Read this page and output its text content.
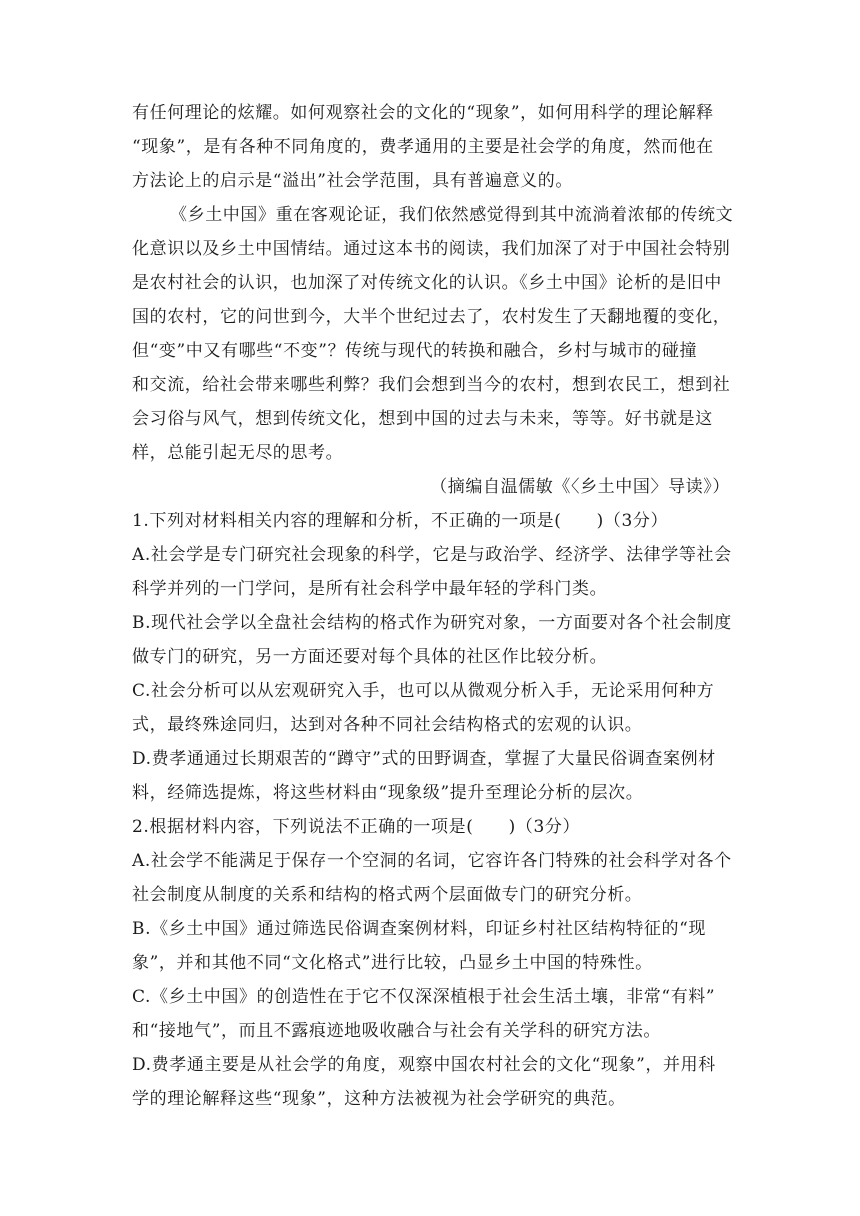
有任何理论的炫耀。如何观察社会的文化的“现象”，如何用科学的理论解释
“现象”，是有各种不同角度的，费孝通用的主要是社会学的角度，然而他在
方法论上的启示是“溢出”社会学范围，具有普遍意义的。
《乡土中国》重在客观论证，我们依然感觉得到其中流淌着浓郁的传统文
化意识以及乡土中国情结。通过这本书的阅读，我们加深了对于中国社会特别
是农村社会的认识，也加深了对传统文化的认识。《乡土中国》论析的是旧中
国的农村，它的问世到今，大半个世纪过去了，农村发生了天翻地覆的变化，
但“变”中又有哪些“不变”？传统与现代的转换和融合，乡村与城市的碰撞
和交流，给社会带来哪些利弊？我们会想到当今的农村，想到农民工，想到社
会习俗与风气，想到传统文化，想到中国的过去与未来，等等。好书就是这
样，总能引起无尽的思考。
（摘编自温儒敏《〈乡土中国〉导读》）
1.下列对材料相关内容的理解和分析，不正确的一项是(　　)（3分）
A.社会学是专门研究社会现象的科学，它是与政治学、经济学、法律学等社会
科学并列的一门学问，是所有社会科学中最年轻的学科门类。
B.现代社会学以全盘社会结构的格式作为研究对象，一方面要对各个社会制度
做专门的研究，另一方面还要对每个具体的社区作比较分析。
C.社会分析可以从宏观研究入手，也可以从微观分析入手，无论采用何种方
式，最终殊途同归，达到对各种不同社会结构格式的宏观的认识。
D.费孝通通过长期艰苦的“蹲守”式的田野调查，掌握了大量民俗调查案例材
料，经筛选提炼，将这些材料由“现象级”提升至理论分析的层次。
2.根据材料内容，下列说法不正确的一项是(　　)（3分）
A.社会学不能满足于保存一个空洞的名词，它容许各门特殊的社会科学对各个
社会制度从制度的关系和结构的格式两个层面做专门的研究分析。
B.《乡土中国》通过筛选民俗调查案例材料，印证乡村社区结构特征的“现
象”，并和其他不同“文化格式”进行比较，凸显乡土中国的特殊性。
C.《乡土中国》的创造性在于它不仅深深植根于社会生活土壤，非常“有料”
和“接地气”，而且不露痕迹地吸收融合与社会有关学科的研究方法。
D.费孝通主要是从社会学的角度，观察中国农村社会的文化“现象”，并用科
学的理论解释这些“现象”，这种方法被视为社会学研究的典范。
